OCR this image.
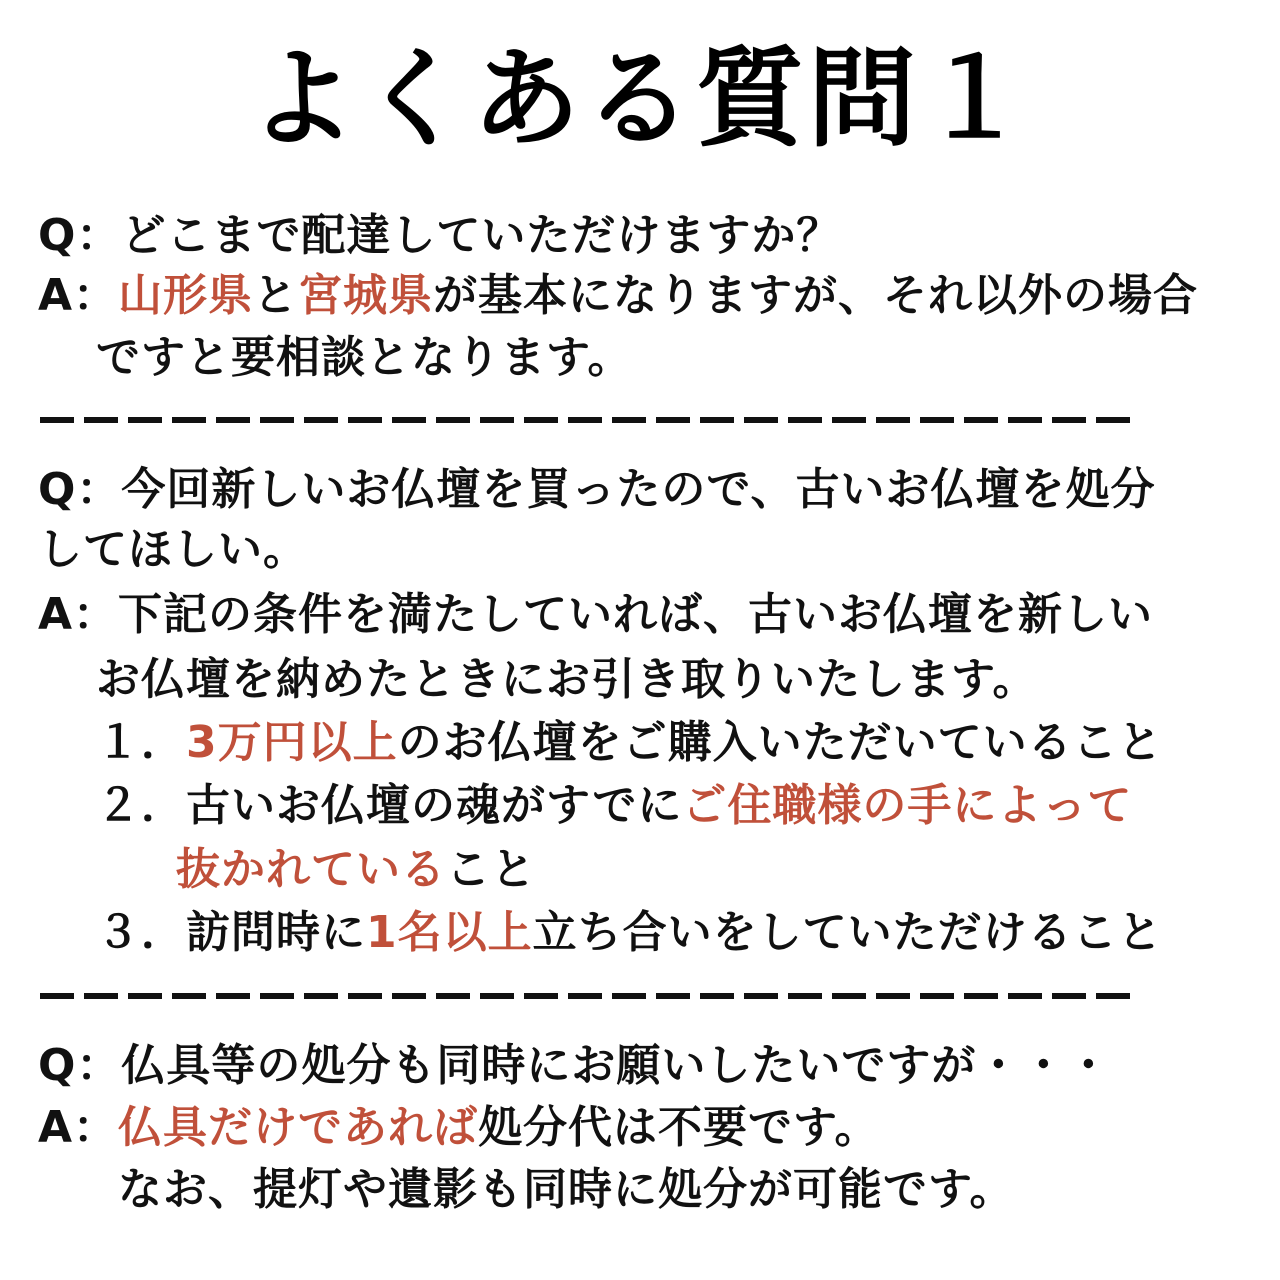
よくある質問１
Q：どこまで配達していただけますか？
A：山形県と宮城県が基本になりますが、それ以外の場合
ですと要相談となります。
Q：今回新しいお仏壇を買ったので、古いお仏壇を処分
してほしい。
A：下記の条件を満たしていれば、古いお仏壇を新しい
お仏壇を納めたときにお引き取りいたします。
１．3万円以上のお仏壇をご購入いただいていること
２．古いお仏壇の魂がすでにご住職様の手によって
抜かれていること
３．訪問時に1名以上立ち合いをしていただけること
Q：仏具等の処分も同時にお願いしたいですが・・・
A：仏具だけであれば処分代は不要です。
なお、提灯や遺影も同時に処分が可能です。
